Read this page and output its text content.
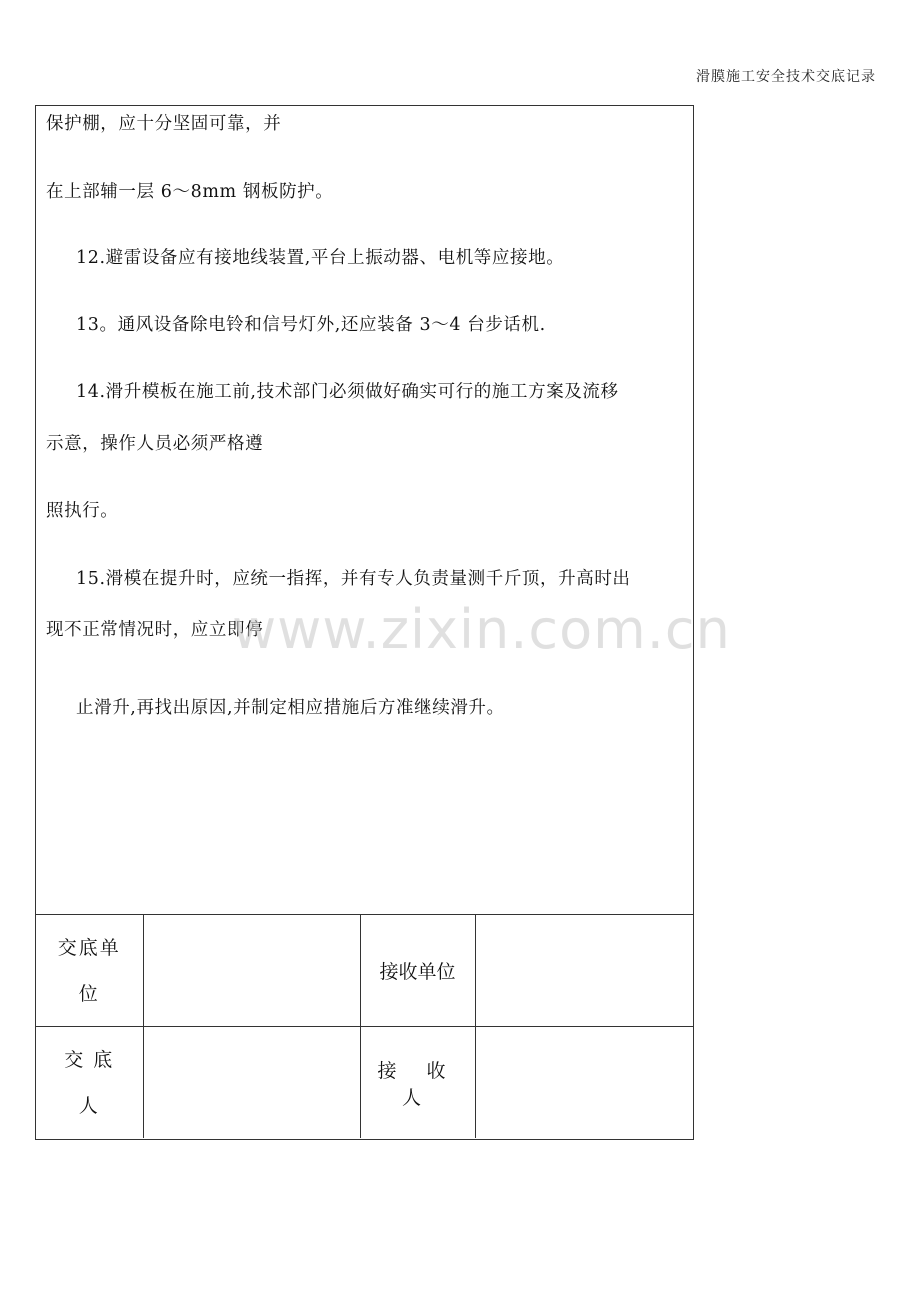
滑膜施工安全技术交底记录
保护棚，应十分坚固可靠，并
在上部辅一层 6～8mm 钢板防护。
12.避雷设备应有接地线装置,平台上振动器、电机等应接地。
13。通风设备除电铃和信号灯外,还应装备 3～4 台步话机.
14.滑升模板在施工前,技术部门必须做好确实可行的施工方案及流移
示意，操作人员必须严格遵
照执行。
15.滑模在提升时，应统一指挥，并有专人负责量测千斤顶，升高时出
现不正常情况时，应立即停
止滑升,再找出原因,并制定相应措施后方准继续滑升。
交底单位		接收单位	

交 底 人		接 收 人	
www.zixin.com.cn
